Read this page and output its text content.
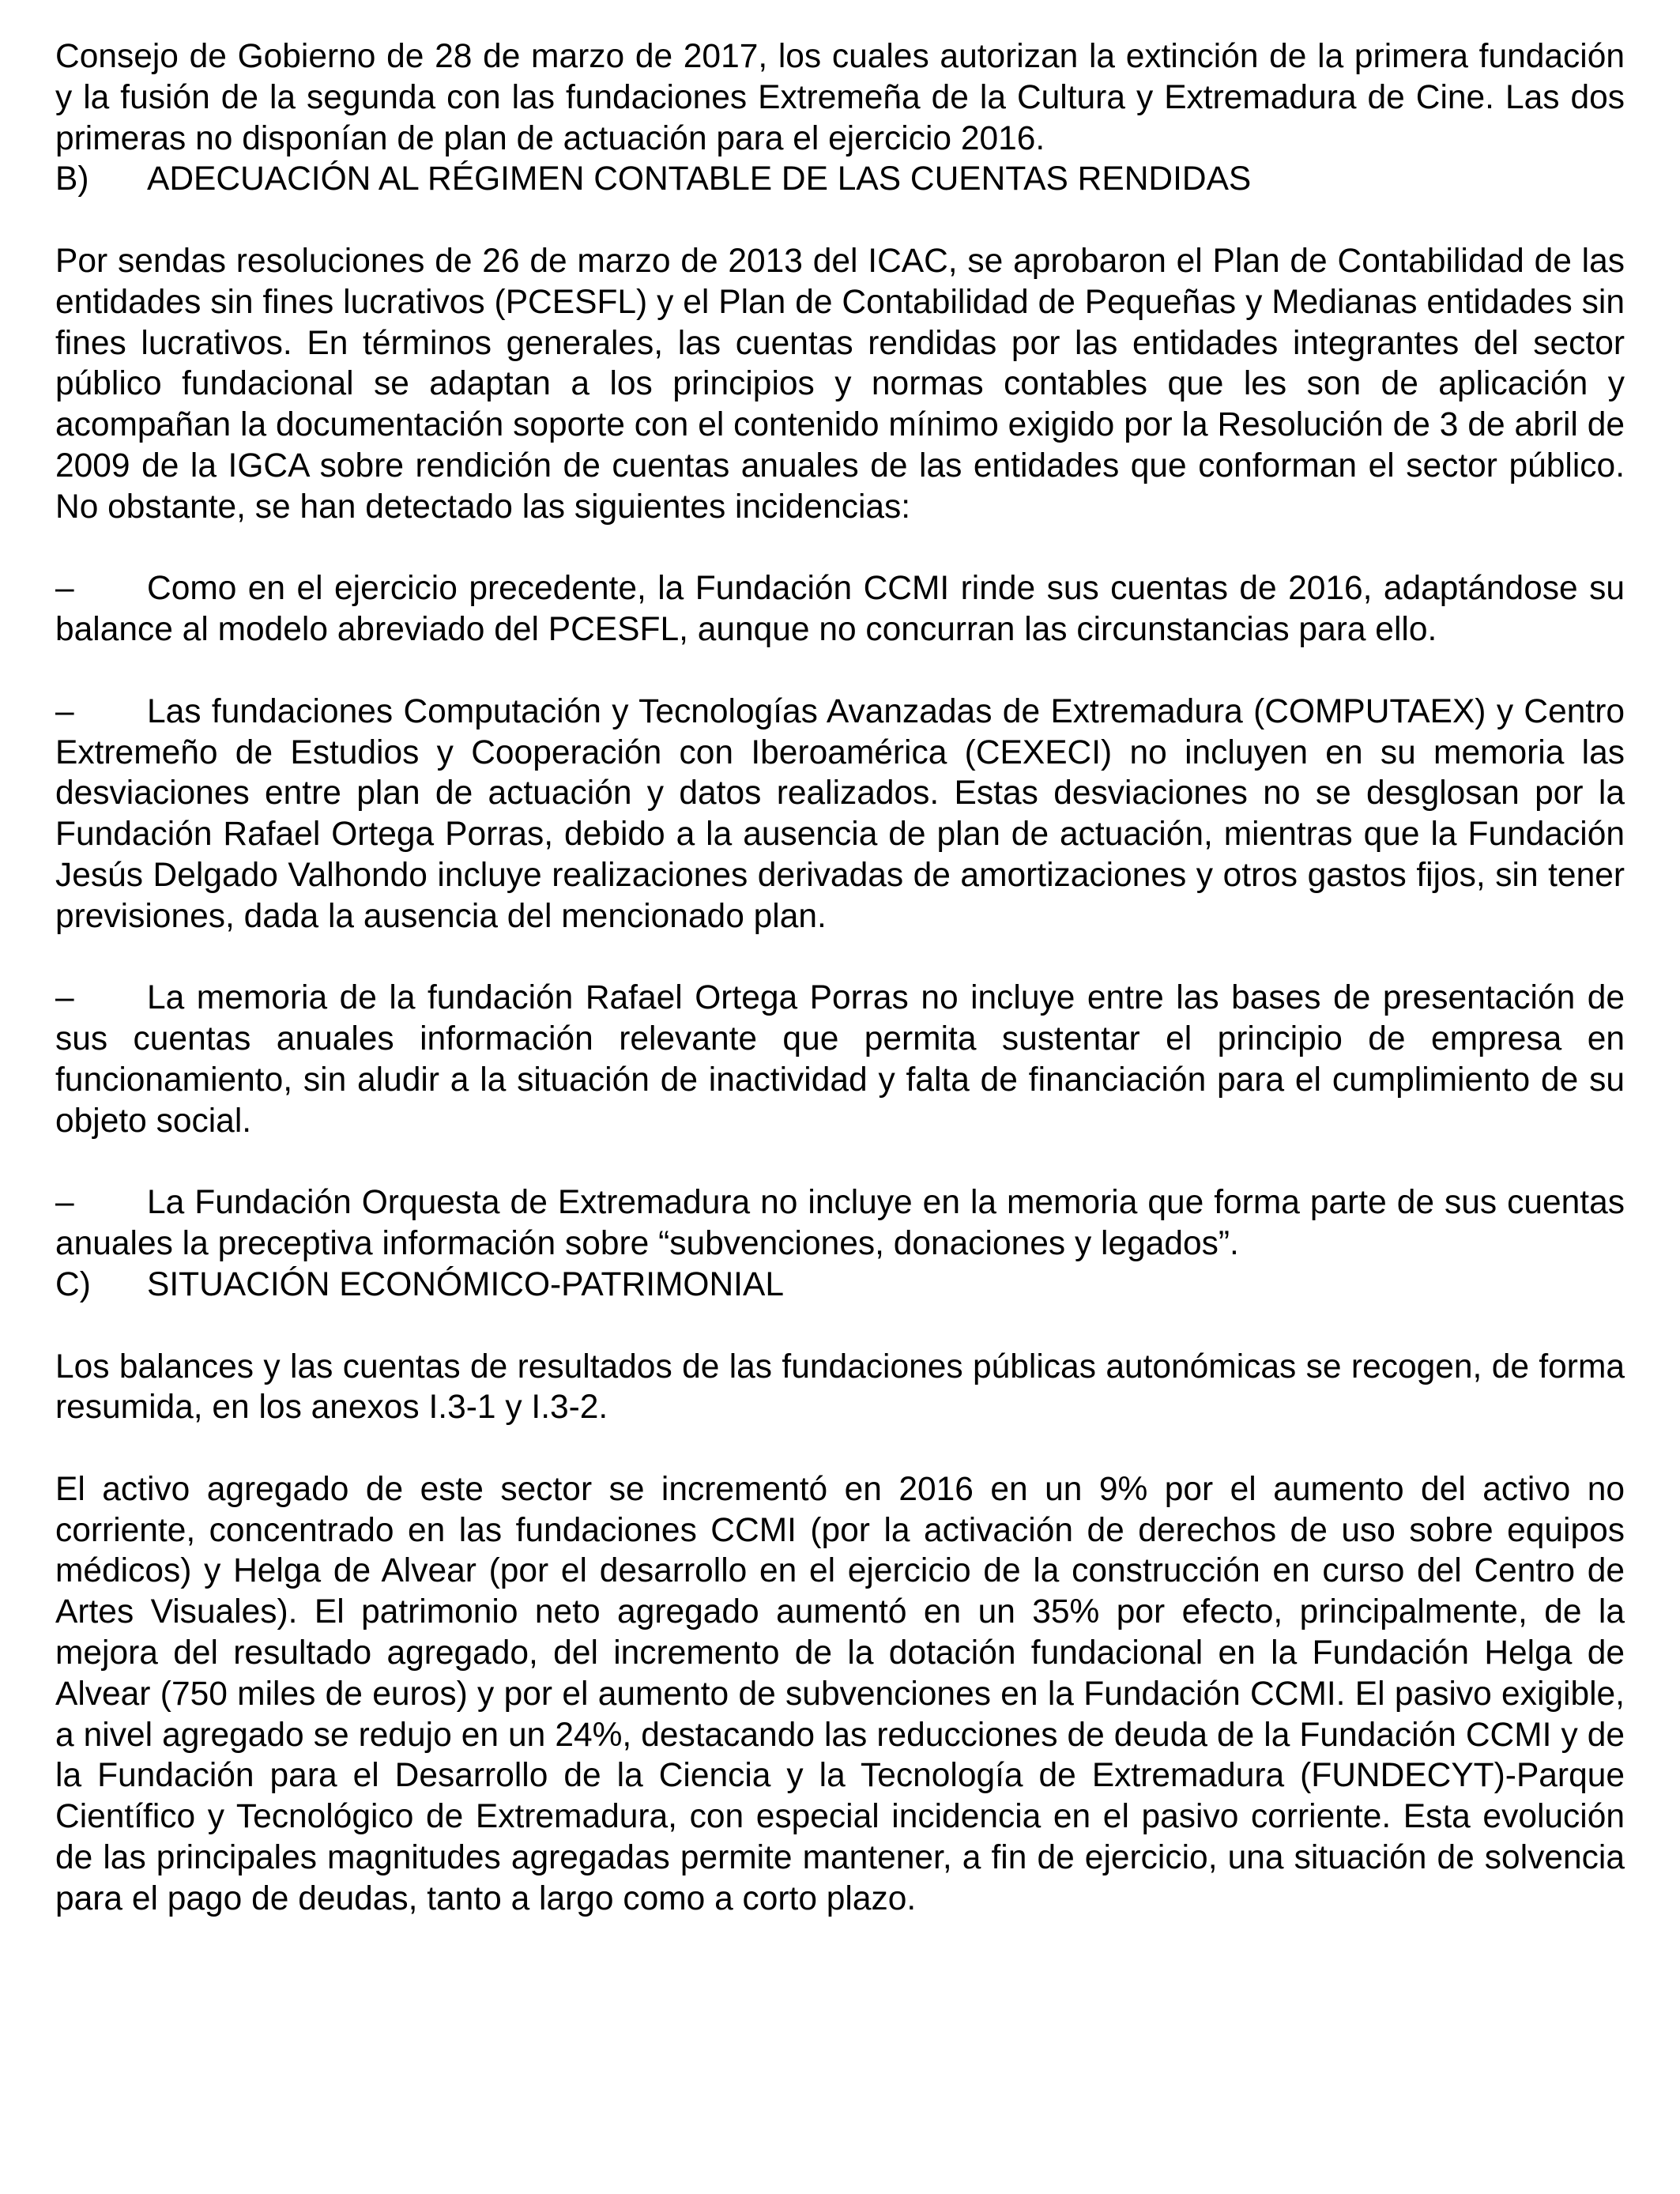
Consejo de Gobierno de 28 de marzo de 2017, los cuales autorizan la extinción de la primera fundación y la fusión de la segunda con las fundaciones Extremeña de la Cultura y Extremadura de Cine. Las dos primeras no disponían de plan de actuación para el ejercicio 2016.

B)	ADECUACIÓN AL RÉGIMEN CONTABLE DE LAS CUENTAS RENDIDAS

Por sendas resoluciones de 26 de marzo de 2013 del ICAC, se aprobaron el Plan de Contabilidad de las entidades sin fines lucrativos (PCESFL) y el Plan de Contabilidad de Pequeñas y Medianas entidades sin fines lucrativos. En términos generales, las cuentas rendidas por las entidades integrantes del sector público fundacional se adaptan a los principios y normas contables que les son de aplicación y acompañan la documentación soporte con el contenido mínimo exigido por la Resolución de 3 de abril de 2009 de la IGCA sobre rendición de cuentas anuales de las entidades que conforman el sector público. No obstante, se han detectado las siguientes incidencias:

– Como en el ejercicio precedente, la Fundación CCMI rinde sus cuentas de 2016, adaptándose su balance al modelo abreviado del PCESFL, aunque no concurran las circunstancias para ello.

– Las fundaciones Computación y Tecnologías Avanzadas de Extremadura (COMPUTAEX) y Centro Extremeño de Estudios y Cooperación con Iberoamérica (CEXECI) no incluyen en su memoria las desviaciones entre plan de actuación y datos realizados. Estas desviaciones no se desglosan por la Fundación Rafael Ortega Porras, debido a la ausencia de plan de actuación, mientras que la Fundación Jesús Delgado Valhondo incluye realizaciones derivadas de amortizaciones y otros gastos fijos, sin tener previsiones, dada la ausencia del mencionado plan.

– La memoria de la fundación Rafael Ortega Porras no incluye entre las bases de presentación de sus cuentas anuales información relevante que permita sustentar el principio de empresa en funcionamiento, sin aludir a la situación de inactividad y falta de financiación para el cumplimiento de su objeto social.

– La Fundación Orquesta de Extremadura no incluye en la memoria que forma parte de sus cuentas anuales la preceptiva información sobre “subvenciones, donaciones y legados”.

C)	SITUACIÓN ECONÓMICO-PATRIMONIAL

Los balances y las cuentas de resultados de las fundaciones públicas autonómicas se recogen, de forma resumida, en los anexos I.3-1 y I.3-2.

El activo agregado de este sector se incrementó en 2016 en un 9% por el aumento del activo no corriente, concentrado en las fundaciones CCMI (por la activación de derechos de uso sobre equipos médicos) y Helga de Alvear (por el desarrollo en el ejercicio de la construcción en curso del Centro de Artes Visuales). El patrimonio neto agregado aumentó en un 35% por efecto, principalmente, de la mejora del resultado agregado, del incremento de la dotación fundacional en la Fundación Helga de Alvear (750 miles de euros) y por el aumento de subvenciones en la Fundación CCMI. El pasivo exigible, a nivel agregado se redujo en un 24%, destacando las reducciones de deuda de la Fundación CCMI y de la Fundación para el Desarrollo de la Ciencia y la Tecnología de Extremadura (FUNDECYT)-Parque Científico y Tecnológico de Extremadura, con especial incidencia en el pasivo corriente. Esta evolución de las principales magnitudes agregadas permite mantener, a fin de ejercicio, una situación de solvencia para el pago de deudas, tanto a largo como a corto plazo.
